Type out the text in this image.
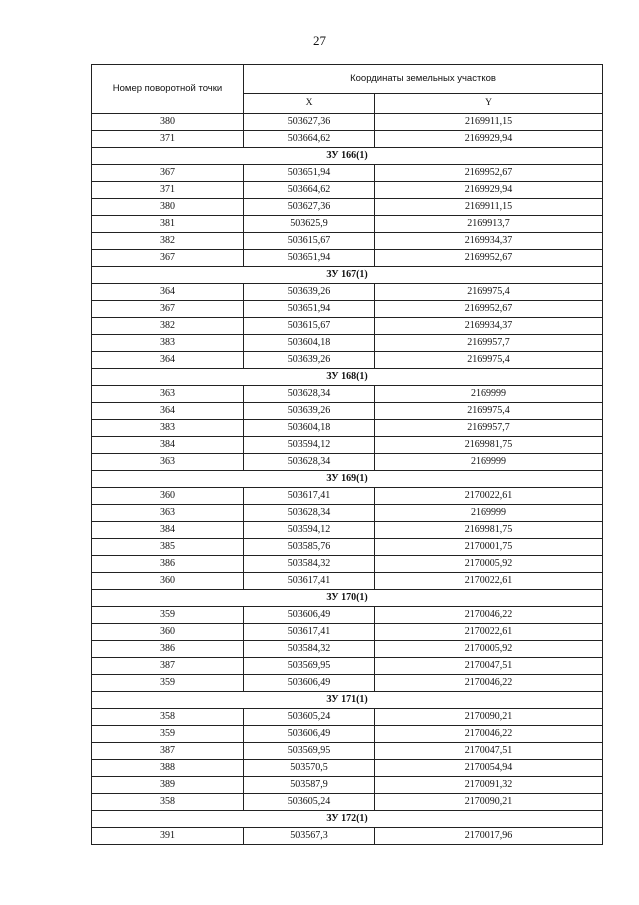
27
Номер поворотной точки	Координаты земельных участков	
	X	Y
380	503627,36	2169911,15
371	503664,62	2169929,94
ЗУ 166(1)		
367	503651,94	2169952,67
371	503664,62	2169929,94
380	503627,36	2169911,15
381	503625,9	2169913,7
382	503615,67	2169934,37
367	503651,94	2169952,67
ЗУ 167(1)		
364	503639,26	2169975,4
367	503651,94	2169952,67
382	503615,67	2169934,37
383	503604,18	2169957,7
364	503639,26	2169975,4
ЗУ 168(1)		
363	503628,34	2169999
364	503639,26	2169975,4
383	503604,18	2169957,7
384	503594,12	2169981,75
363	503628,34	2169999
ЗУ 169(1)		
360	503617,41	2170022,61
363	503628,34	2169999
384	503594,12	2169981,75
385	503585,76	2170001,75
386	503584,32	2170005,92
360	503617,41	2170022,61
ЗУ 170(1)		
359	503606,49	2170046,22
360	503617,41	2170022,61
386	503584,32	2170005,92
387	503569,95	2170047,51
359	503606,49	2170046,22
ЗУ 171(1)		
358	503605,24	2170090,21
359	503606,49	2170046,22
387	503569,95	2170047,51
388	503570,5	2170054,94
389	503587,9	2170091,32
358	503605,24	2170090,21
ЗУ 172(1)		
391	503567,3	2170017,96
